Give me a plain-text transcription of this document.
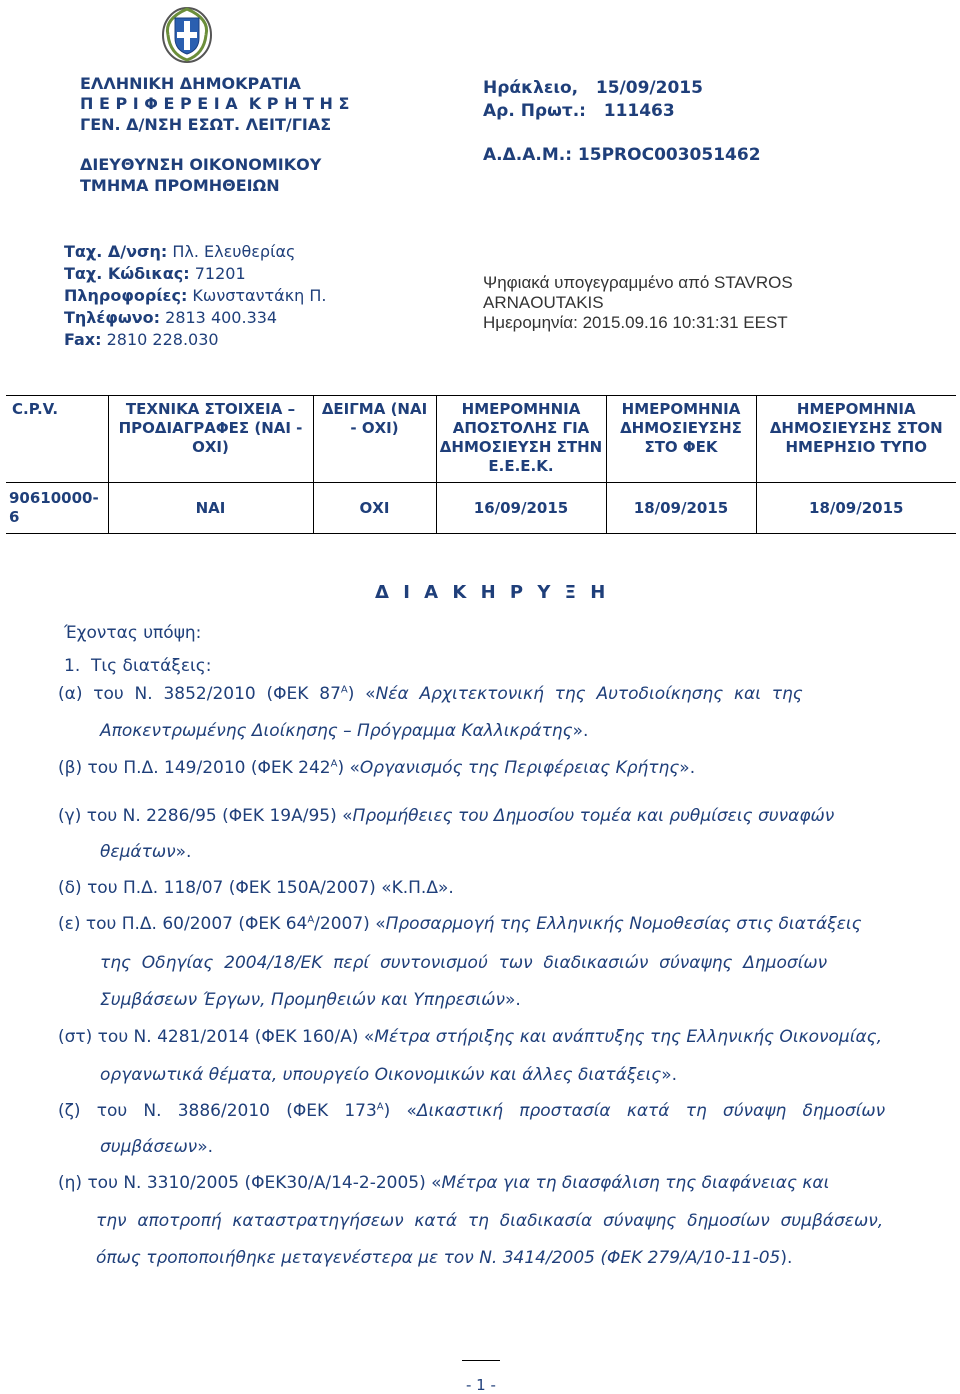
ΕΛΛΗΝΙΚΗ ΔΗΜΟΚΡΑΤΙΑ
Π Ε Ρ Ι Φ Ε Ρ Ε Ι Α  Κ Ρ Η Τ Η Σ
ΓΕΝ. Δ/ΝΣΗ ΕΣΩΤ. ΛΕΙΤ/ΓΙΑΣ
ΔΙΕΥΘΥΝΣΗ ΟΙΚΟΝΟΜΙΚΟΥ
ΤΜΗΜΑ ΠΡΟΜΗΘΕΙΩΝ
Ηράκλειο,   15/09/2015
Αρ. Πρωτ.:   111463
Α.Δ.Α.Μ.: 15PROC003051462
Ταχ. Δ/νση: Πλ. Ελευθερίας
Ταχ. Κώδικας: 71201
Πληροφορίες: Κωνσταντάκη Π.
Τηλέφωνο: 2813 400.334
Fax: 2810 228.030
Ψηφιακά υπογεγραμμένο από STAVROS
ARNAOUTAKIS
Ημερομηνία: 2015.09.16 10:31:31 EEST
C.P.V.	ΤΕΧΝΙΚΑ ΣΤΟΙΧΕΙΑ – ΠΡΟΔΙΑΓΡΑΦΕΣ (ΝΑΙ - ΟΧΙ)	ΔΕΙΓΜΑ (ΝΑΙ - ΟΧΙ)	ΗΜΕΡΟΜΗΝΙΑ ΑΠΟΣΤΟΛΗΣ ΓΙΑ ΔΗΜΟΣΙΕΥΣΗ ΣΤΗΝ Ε.Ε.Ε.Κ.	ΗΜΕΡΟΜΗΝΙΑ ΔΗΜΟΣΙΕΥΣΗΣ ΣΤΟ ΦΕΚ	ΗΜΕΡΟΜΗΝΙΑ ΔΗΜΟΣΙΕΥΣΗΣ ΣΤΟΝ ΗΜΕΡΗΣΙΟ ΤΥΠΟ
90610000-6	ΝΑΙ	ΟΧΙ	16/09/2015	18/09/2015	18/09/2015
Δ Ι Α Κ Η Ρ Υ Ξ Η
Έχοντας υπόψη:
1.  Τις διατάξεις:
(α)  του  Ν.  3852/2010  (ΦΕΚ  $87^A$)  «Νέα  Αρχιτεκτονική  της  Αυτοδιοίκησης  και  της
Αποκεντρωμένης Διοίκησης – Πρόγραμμα Καλλικράτης».
(β) του Π.Δ. 149/2010 (ΦΕΚ $242^A$) «Οργανισμός της Περιφέρειας Κρήτης».
(γ) του Ν. 2286/95 (ΦΕΚ 19Α/95) «Προμήθειες του Δημοσίου τομέα και ρυθμίσεις συναφών
θεμάτων».
(δ) του Π.Δ. 118/07 (ΦΕΚ 150Α/2007) «Κ.Π.Δ».
(ε) του Π.Δ. 60/2007 (ΦΕΚ $64^A/2007$) «Προσαρμογή της Ελληνικής Νομοθεσίας στις διατάξεις
της  Οδηγίας  2004/18/ΕΚ  περί  συντονισμού  των  διαδικασιών  σύναψης  Δημοσίων
Συμβάσεων Έργων, Προμηθειών και Υπηρεσιών».
(στ) του Ν. 4281/2014 (ΦΕΚ 160/Α) «Μέτρα στήριξης και ανάπτυξης της Ελληνικής Οικονομίας,
οργανωτικά θέματα, υπουργείο Οικονομικών και άλλες διατάξεις».
(ζ)   του   Ν.   3886/2010   (ΦΕΚ   $173^A$)   «Δικαστική   προστασία   κατά   τη   σύναψη   δημοσίων
συμβάσεων».
(η) του Ν. 3310/2005 (ΦΕΚ30/Α/14-2-2005) «Μέτρα για τη διασφάλιση της διαφάνειας και
την  αποτροπή  καταστρατηγήσεων  κατά  τη  διαδικασία  σύναψης  δημοσίων  συμβάσεων,
όπως τροποποιήθηκε μεταγενέστερα με τον Ν. 3414/2005 (ΦΕΚ 279/Α/10-11-05).
- 1 -
